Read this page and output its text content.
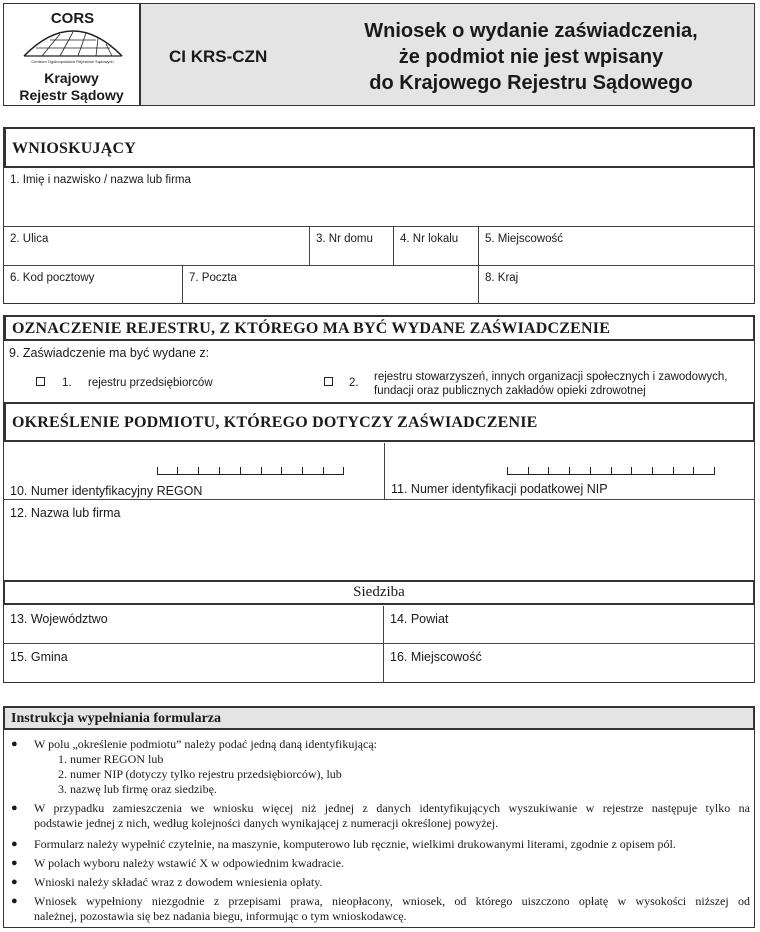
CORS
Centrum Ogólnopolskich Rejestrów Sądowych
Krajowy
Rejestr Sądowy
CI KRS-CZN
Wniosek o wydanie zaświadczenia,
że podmiot nie jest wpisany
do Krajowego Rejestru Sądowego
WNIOSKUJĄCY
1. Imię i nazwisko / nazwa lub firma
2. Ulica	3. Nr domu 4. Nr lokalu 5. Miejscowość
6. Kod pocztowy	7. Poczta	8. Kraj
OZNACZENIE REJESTRU, Z KTÓREGO MA BYĆ WYDANE ZAŚWIADCZENIE
9. Zaświadczenie ma być wydane z:
1. rejestru przedsiębiorców	2. rejestru stowarzyszeń, innych organizacji społecznych i zawodowych,
fundacji oraz publicznych zakładów opieki zdrowotnej
OKREŚLENIE PODMIOTU, KTÓREGO DOTYCZY ZAŚWIADCZENIE
10. Numer identyfikacyjny REGON	11. Numer identyfikacji podatkowej NIP
12. Nazwa lub firma
Siedziba
13. Województwo	14. Powiat
15. Gmina	16. Miejscowość
Instrukcja wypełniania formularza
● W polu „określenie podmiotu” należy podać jedną daną identyfikującą:
1. numer REGON lub
2. numer NIP (dotyczy tylko rejestru przedsiębiorców), lub
3. nazwę lub firmę oraz siedzibę.
● W przypadku zamieszczenia we wniosku więcej niż jednej z danych identyfikujących wyszukiwanie w rejestrze następuje tylko na
podstawie jednej z nich, według kolejności danych wynikającej z numeracji określonej powyżej.
● Formularz należy wypełnić czytelnie, na maszynie, komputerowo lub ręcznie, wielkimi drukowanymi literami, zgodnie z opisem pól.
● W polach wyboru należy wstawić X w odpowiednim kwadracie.
● Wnioski należy składać wraz z dowodem wniesienia opłaty.
● Wniosek wypełniony niezgodnie z przepisami prawa, nieopłacony, wniosek, od którego uiszczono opłatę w wysokości niższej od
należnej, pozostawia się bez nadania biegu, informując o tym wnioskodawcę.
